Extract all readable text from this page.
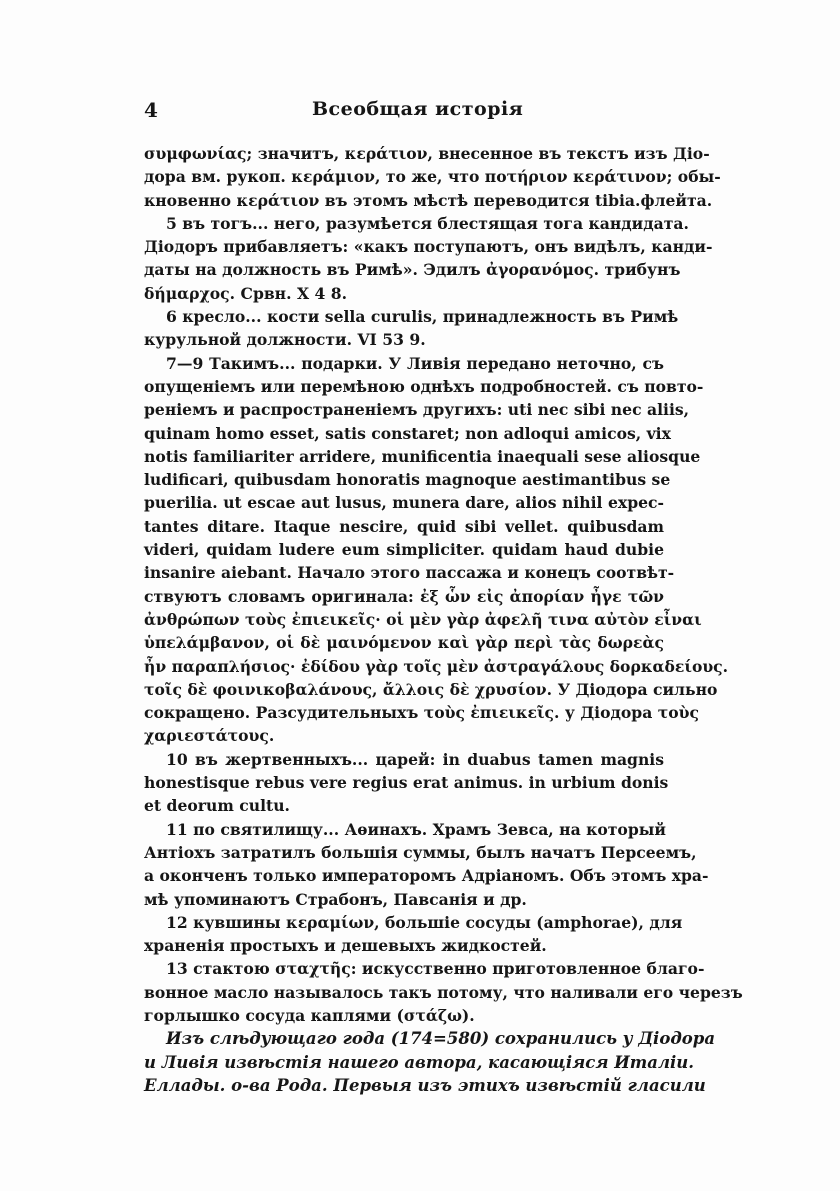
4	Всеобщая исторія
συμφωνίας; значитъ, κεράτιον, внесенное въ текстъ изъ Діо-
дора вм. рукоп. κεράμιον, то же, что ποτήριον κεράτινον; обы-
кновенно κεράτιον въ этомъ мѣстѣ переводится tibia.флейта.
5 въ тогъ... него, разумѣется блестящая тога кандидата.
Діодоръ прибавляетъ: «какъ поступаютъ, онъ видѣлъ, канди-
даты на должность въ Римѣ». Эдилъ ἀγορανόμος. трибунъ
δήμαρχος. Срвн. X 4 8.
6 кресло... кости sella curulis, принадлежность въ Римѣ
курульной должности. VI 53 9.
7—9 Такимъ... подарки. У Ливія передано неточно, съ
опущеніемъ или перемѣною однѣхъ подробностей. съ повто-
реніемъ и распространеніемъ другихъ: uti nec sibi nec aliis,
quinam homo esset, satis constaret; non adloqui amicos, vix
notis familiariter arridere, munificentia inaequali sese aliosque
ludificari, quibusdam honoratis magnoque aestimantibus se
puerilia. ut escae aut lusus, munera dare, alios nihil expec-
tantes ditare. Itaque nescire, quid sibi vellet. quibusdam
videri, quidam ludere eum simpliciter. quidam haud dubie
insanire aiebant. Начало этого пассажа и конецъ соотвѣт-
ствуютъ словамъ оригинала: ἐξ ὧν εἰς ἀπορίαν ἦγε τῶν
ἀνθρώπων τοὺς ἐπιεικεῖς· οἱ μὲν γὰρ ἀφελῆ τινα αὐτὸν εἶναι
ὑπελάμβανον, οἱ δὲ μαινόμενον καὶ γὰρ περὶ τὰς δωρεὰς
ἦν παραπλήσιος· ἐδίδου γὰρ τοῖς μὲν ἀστραγάλους δορκαδείους.
τοῖς δὲ φοινικοβαλάνους, ἄλλοις δὲ χρυσίον. У Діодора сильно
сокращено. Разсудительныхъ τοὺς ἐπιεικεῖς. у Діодора τοὺς
χαριεστάτους.
10 въ жертвенныхъ... царей: in duabus tamen magnis
honestisque rebus vere regius erat animus. in urbium donis
et deorum cultu.
11 по святилищу... Аѳинахъ. Храмъ Зевса, на который
Антіохъ затратилъ большія суммы, былъ начатъ Персеемъ,
а оконченъ только императоромъ Адріаномъ. Объ этомъ хра-
мѣ упоминаютъ Страбонъ, Павсанія и др.
12 кувшины κεραμίων, большіе сосуды (amphorae), для
храненія простыхъ и дешевыхъ жидкостей.
13 стактою σταχτῆς: искусственно приготовленное благо-
вонное масло называлось такъ потому, что наливали его черезъ
горлышко сосуда каплями (στάζω).
Изъ слѣдующаго года (174=580) сохранились у Діодора
и Ливія извѣстія нашего автора, касающіяся Италіи.
Еллады. о-ва Рода. Первыя изъ этихъ извѣстій гласили
